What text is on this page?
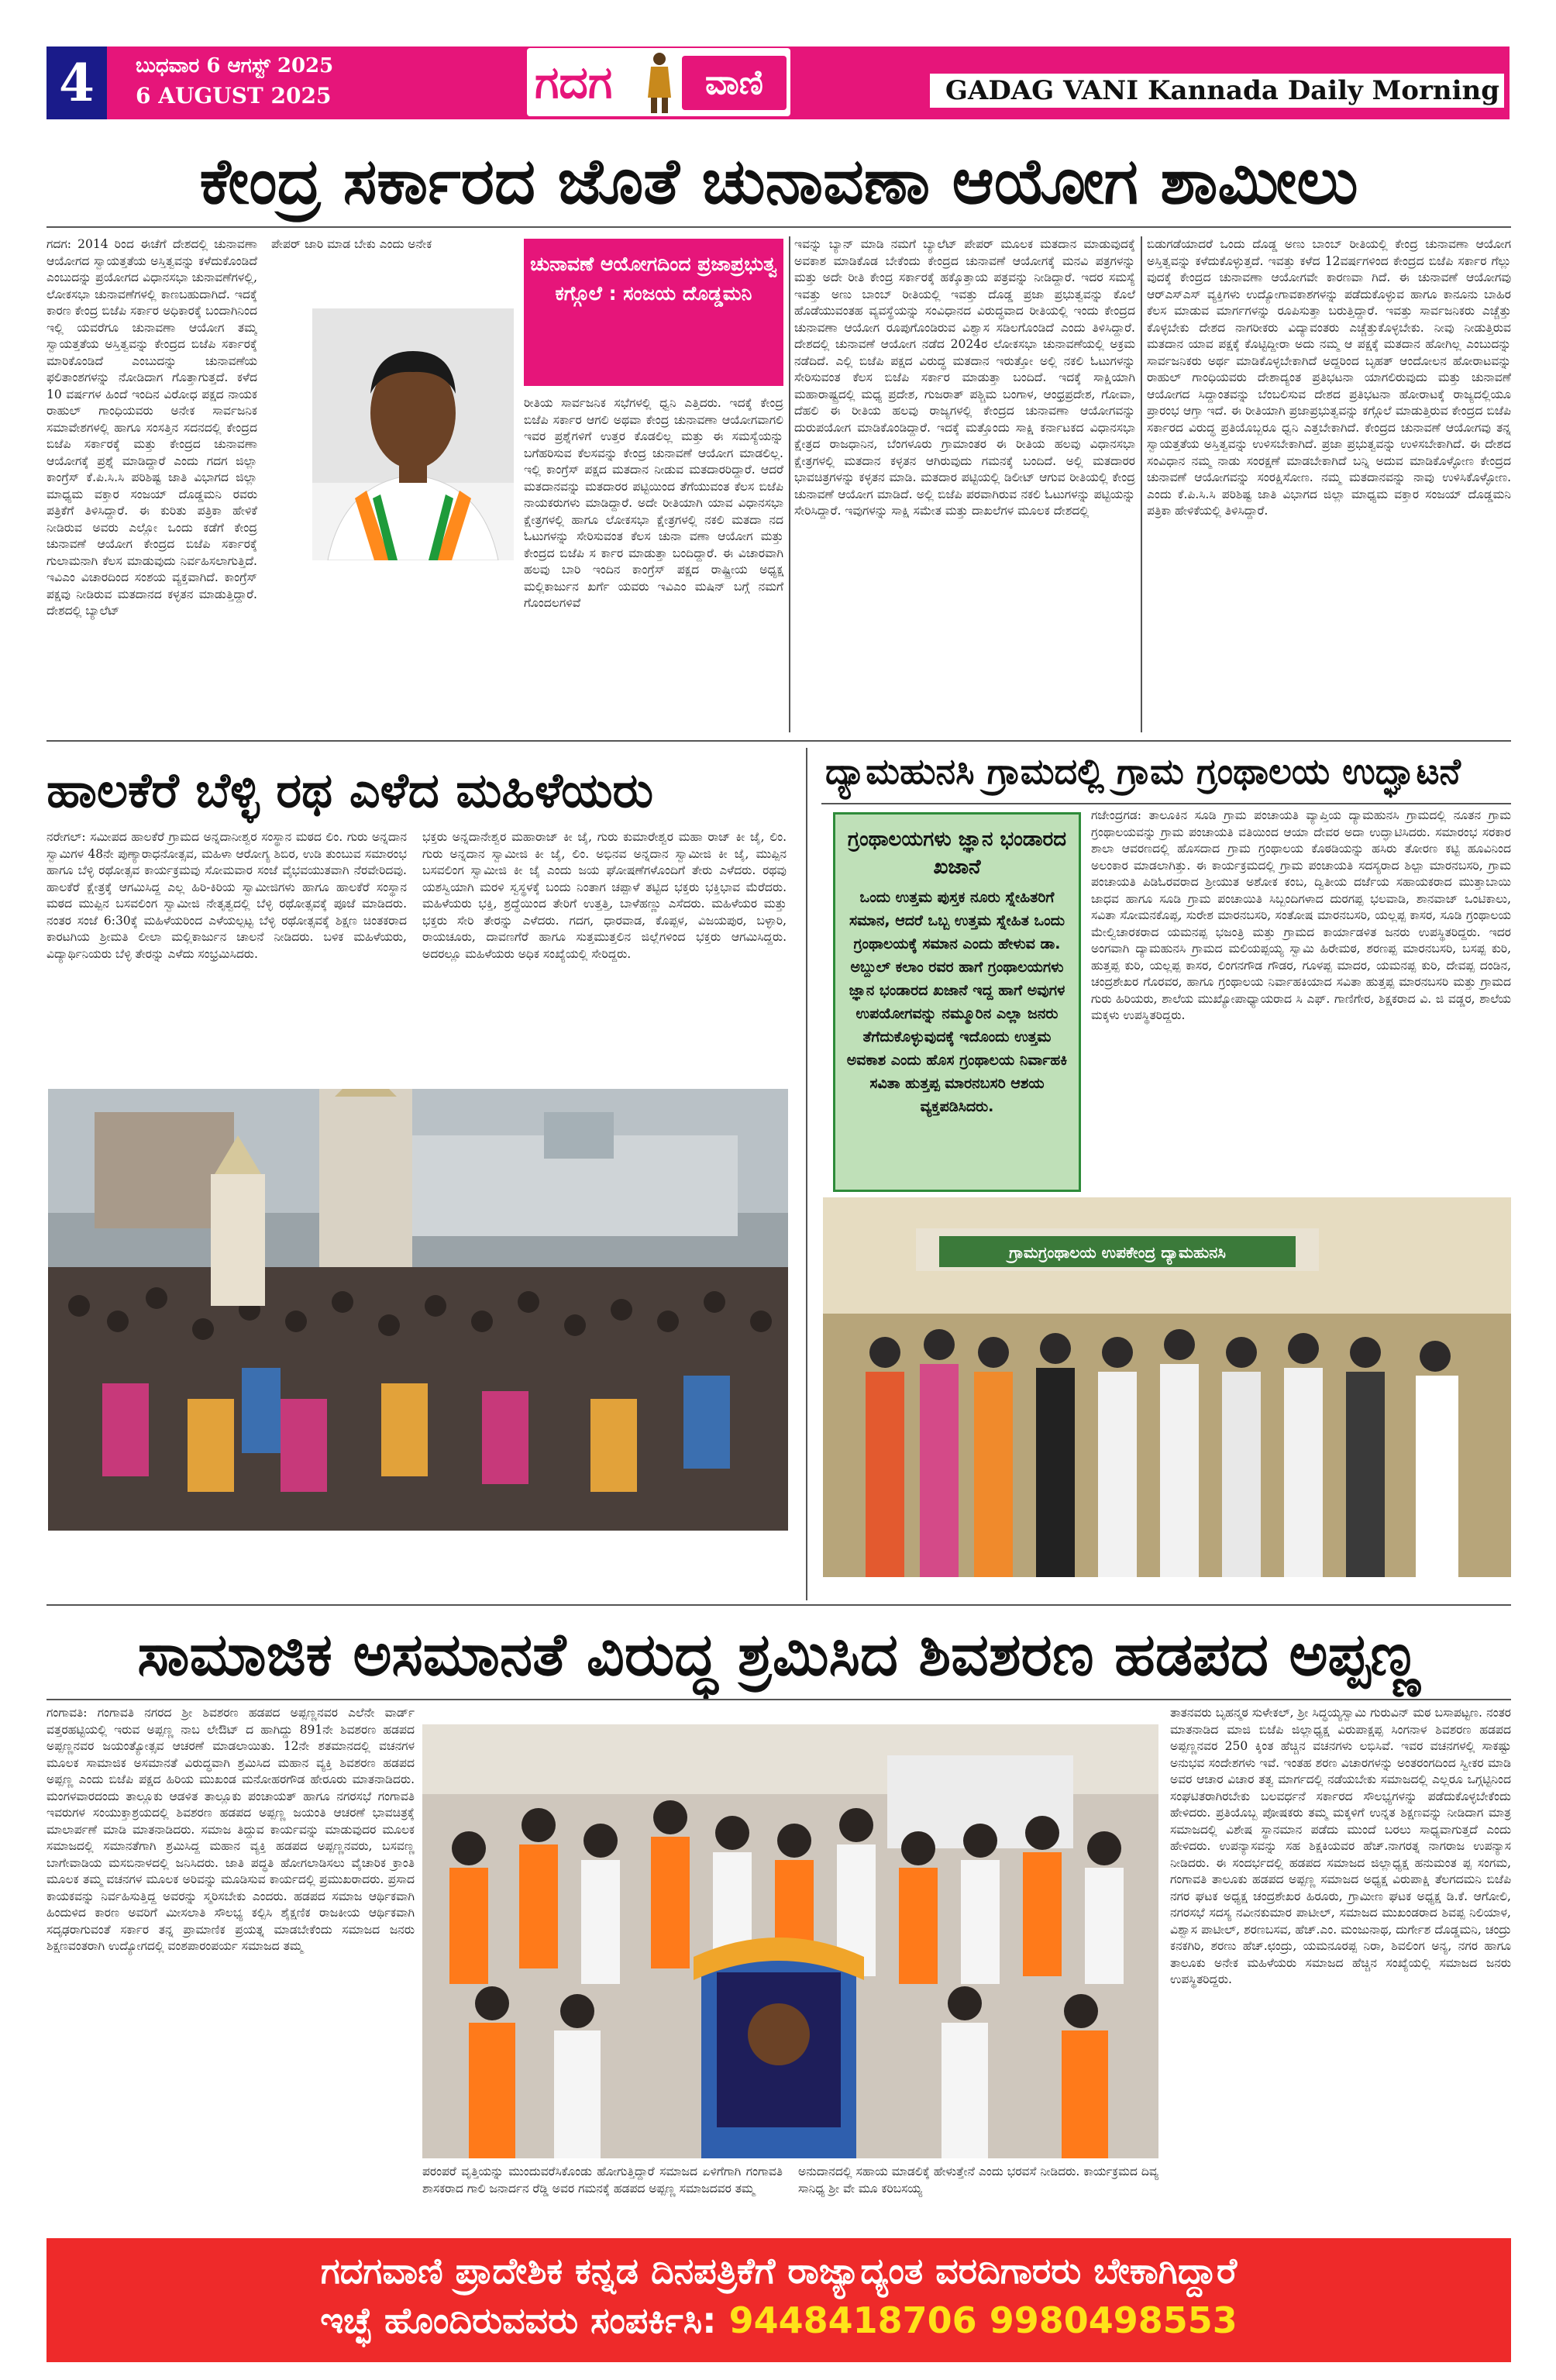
4	ಬುಧವಾರ 6 ಆಗಸ್ಟ್ 2025
6 AUGUST 2025	ಗದಗ	ವಾಣಿ	GADAG VANI Kannada Daily Morning
ಕೇಂದ್ರ ಸರ್ಕಾರದ ಜೊತೆ ಚುನಾವಣಾ ಆಯೋಗ ಶಾಮೀಲು
ಗದಗ: 2014 ರಿಂದ ಈಚೆಗೆ ದೇಶದಲ್ಲಿ ಚುನಾವಣಾ ಆಯೋಗದ ಸ್ವಾಯತ್ತತೆಯ ಅಸ್ತಿತ್ವವನ್ನು ಕಳೆದುಕೊಂಡಿದೆ ಎಂಬುದನ್ನು ಪ್ರಯೋಗದ ವಿಧಾನಸಭಾ ಚುನಾವಣೆಗಳಲ್ಲಿ, ಲೋಕಸಭಾ ಚುನಾವಣೆಗಳಲ್ಲಿ ಕಾಣಬಹುದಾಗಿದೆ. ಇದಕ್ಕೆ ಕಾರಣ ಕೇಂದ್ರ ಬಿಜೆಪಿ ಸರ್ಕಾರ ಅಧಿಕಾರಕ್ಕೆ ಬಂದಾಗಿನಿಂದ ಇಲ್ಲಿ ಯವರೆಗೂ ಚುನಾವಣಾ ಆಯೋಗ ತಮ್ಮ ಸ್ವಾಯತ್ತತೆಯ ಅಸ್ತಿತ್ವವನ್ನು ಕೇಂದ್ರದ ಬಿಜೆಪಿ ಸರ್ಕಾರಕ್ಕೆ ಮಾರಿಕೊಂಡಿದೆ ಎಂಬುದನ್ನು ಚುನಾವಣೆಯ ಫಲಿತಾಂಶಗಳನ್ನು ನೋಡಿದಾಗ ಗೊತ್ತಾಗುತ್ತದೆ. ಕಳೆದ 10 ವರ್ಷಗಳ ಹಿಂದೆ ಇಂದಿನ ವಿರೋಧ ಪಕ್ಷದ ನಾಯಕ ರಾಹುಲ್ ಗಾಂಧಿಯವರು ಅನೇಕ ಸಾರ್ವಜನಿಕ ಸಮಾವೇಶಗಳಲ್ಲಿ ಹಾಗೂ ಸಂಸತ್ತಿನ ಸದನದಲ್ಲಿ ಕೇಂದ್ರದ ಬಿಜೆಪಿ ಸರ್ಕಾರಕ್ಕೆ ಮತ್ತು ಕೇಂದ್ರದ ಚುನಾವಣಾ ಆಯೋಗಕ್ಕೆ ಪ್ರಶ್ನೆ ಮಾಡಿದ್ದಾರೆ ಎಂದು ಗದಗ ಜಿಲ್ಲಾ ಕಾಂಗ್ರೆಸ್ ಕೆ.ಪಿ.ಸಿ.ಸಿ ಪರಿಶಿಷ್ಟ ಜಾತಿ ವಿಭಾಗದ ಜಿಲ್ಲಾ ಮಾಧ್ಯಮ ವಕ್ತಾರ ಸಂಜಯ್ ದೊಡ್ಡಮನಿ ರವರು ಪತ್ರಿಕೆಗೆ ತಿಳಿಸಿದ್ದಾರೆ. ಈ ಕುರಿತು ಪತ್ರಿಕಾ ಹೇಳಿಕೆ ನೀಡಿರುವ ಅವರು ಎಲ್ಲೋ ಒಂದು ಕಡೆಗೆ ಕೇಂದ್ರ ಚುನಾವಣೆ ಆಯೋಗ ಕೇಂದ್ರದ ಬಿಜೆಪಿ ಸರ್ಕಾರಕ್ಕೆ ಗುಲಾಮನಾಗಿ ಕೆಲಸ ಮಾಡುವುದು ನಿರ್ವಹಿಸಲಾಗುತ್ತಿದೆ. ಇವಿಎಂ ವಿಚಾರದಿಂದ ಸಂಶಯ ವ್ಯಕ್ತವಾಗಿದೆ. ಕಾಂಗ್ರೆಸ್ ಪಕ್ಷವು ನೀಡಿರುವ ಮತದಾನದ ಕಳ್ಳತನ ಮಾಡುತ್ತಿದ್ದಾರೆ. ದೇಶದಲ್ಲಿ ಬ್ಯಾಲೆಟ್
ಪೇಪರ್ ಜಾರಿ ಮಾಡ ಬೇಕು ಎಂದು ಅನೇಕ
ಚುನಾವಣೆ ಆಯೋಗದಿಂದ ಪ್ರಜಾಪ್ರಭುತ್ವ ಕಗ್ಗೊಲೆ : ಸಂಜಯ ದೊಡ್ಡಮನಿ
ರೀತಿಯ ಸಾರ್ವಜನಿಕ ಸಭೆಗಳಲ್ಲಿ ಧ್ವನಿ ಎತ್ತಿದರು. ಇದಕ್ಕೆ ಕೇಂದ್ರ ಬಿಜೆಪಿ ಸರ್ಕಾರ ಆಗಲಿ ಅಥವಾ ಕೇಂದ್ರ ಚುನಾವಣಾ ಆಯೋಗವಾಗಲಿ ಇವರ ಪ್ರಶ್ನೆಗಳಿಗೆ ಉತ್ತರ ಕೊಡಲಿಲ್ಲ ಮತ್ತು ಈ ಸಮಸ್ಯೆಯನ್ನು ಬಗೆಹರಿಸುವ ಕೆಲಸವನ್ನು ಕೇಂದ್ರ ಚುನಾವಣೆ ಆಯೋಗ ಮಾಡಲಿಲ್ಲ. ಇಲ್ಲಿ ಕಾಂಗ್ರೆಸ್ ಪಕ್ಷದ ಮತದಾನ ನೀಡುವ ಮತದಾರರಿದ್ದಾರೆ. ಆದರೆ ಮತದಾನವನ್ನು ಮತದಾರರ ಪಟ್ಟಿಯಿಂದ ತೆಗೆಯುವಂತ ಕೆಲಸ ಬಿಜೆಪಿ ನಾಯಕರುಗಳು ಮಾಡಿದ್ದಾರೆ. ಅದೇ ರೀತಿಯಾಗಿ ಯಾವ ವಿಧಾನಸಭಾ ಕ್ಷೇತ್ರಗಳಲ್ಲಿ ಹಾಗೂ ಲೋಕಸಭಾ ಕ್ಷೇತ್ರಗಳಲ್ಲಿ ನಕಲಿ ಮತದಾ ನದ ಓಟುಗಳನ್ನು ಸೇರಿಸುವಂತ ಕೆಲಸ ಚುನಾ ವಣಾ ಆಯೋಗ ಮತ್ತು ಕೇಂದ್ರದ ಬಿಜೆಪಿ ಸ ರ್ಕಾರ ಮಾಡುತ್ತಾ ಬಂದಿದ್ದಾರೆ. ಈ ವಿಚಾರವಾಗಿ ಹಲವು ಬಾರಿ ಇಂದಿನ ಕಾಂಗ್ರೆಸ್ ಪಕ್ಷದ ರಾಷ್ಟ್ರೀಯ ಅಧ್ಯಕ್ಷ ಮಲ್ಲಿಕಾರ್ಜುನ ಖರ್ಗೆ ಯವರು ಇವಿಎಂ ಮಷಿನ್ ಬಗ್ಗೆ ನಮಗೆ ಗೊಂದಲಗಳಿವೆ
ಇವನ್ನು ಬ್ಯಾನ್ ಮಾಡಿ ನಮಗೆ ಬ್ಯಾಲೆಟ್ ಪೇಪರ್ ಮೂಲಕ ಮತದಾನ ಮಾಡುವುದಕ್ಕೆ ಅವಕಾಶ ಮಾಡಿಕೊಡ ಬೇಕೆಂದು ಕೇಂದ್ರದ ಚುನಾವಣೆ ಆಯೋಗಕ್ಕೆ ಮನವಿ ಪತ್ರಗಳನ್ನು ಮತ್ತು ಅದೇ ರೀತಿ ಕೇಂದ್ರ ಸರ್ಕಾರಕ್ಕೆ ಹಕ್ಕೊತ್ತಾಯ ಪತ್ರವನ್ನು ನೀಡಿದ್ದಾರೆ. ಇದರ ಸಮಸ್ಯೆ ಇವತ್ತು ಅಣು ಬಾಂಬ್ ರೀತಿಯಲ್ಲಿ ಇವತ್ತು ದೊಡ್ಡ ಪ್ರಜಾ ಪ್ರಭುತ್ವವನ್ನು ಕೊಲೆ ಹೊಡೆಯುವಂತಹ ವ್ಯವಸ್ಥೆಯನ್ನು ಸಂವಿಧಾನದ ವಿರುದ್ಧವಾದ ರೀತಿಯಲ್ಲಿ ಇಂದು ಕೇಂದ್ರದ ಚುನಾವಣಾ ಆಯೋಗ ರೂಪುಗೊಂಡಿರುವ ವಿಶ್ವಾಸ ಸಡಿಲಗೊಂಡಿದೆ ಎಂದು ತಿಳಿಸಿದ್ದಾರೆ. ದೇಶದಲ್ಲಿ ಚುನಾವಣೆ ಆಯೋಗ ನಡೆದ 2024ರ ಲೋಕಸಭಾ ಚುನಾವಣೆಯಲ್ಲಿ ಅಕ್ರಮ ನಡೆದಿದೆ. ಎಲ್ಲಿ ಬಿಜೆಪಿ ಪಕ್ಷದ ವಿರುದ್ಧ ಮತದಾನ ಇರುತ್ತೋ ಅಲ್ಲಿ ನಕಲಿ ಓಟುಗಳನ್ನು ಸೇರಿಸುವಂತ ಕೆಲಸ ಬಿಜೆಪಿ ಸರ್ಕಾರ ಮಾಡುತ್ತಾ ಬಂದಿದೆ. ಇದಕ್ಕೆ ಸಾಕ್ಷಿಯಾಗಿ ಮಹಾರಾಷ್ಟ್ರದಲ್ಲಿ ಮಧ್ಯ ಪ್ರದೇಶ, ಗುಜರಾತ್ ಪಶ್ಚಿಮ ಬಂಗಾಳ, ಆಂಧ್ರಪ್ರದೇಶ, ಗೋವಾ, ದೆಹಲಿ ಈ ರೀತಿಯ ಹಲವು ರಾಜ್ಯಗಳಲ್ಲಿ ಕೇಂದ್ರದ ಚುನಾವಣಾ ಆಯೋಗವನ್ನು ದುರುಪಯೋಗ ಮಾಡಿಕೊಂಡಿದ್ದಾರೆ. ಇದಕ್ಕೆ ಮತ್ತೊಂದು ಸಾಕ್ಷಿ ಕರ್ನಾಟಕದ ವಿಧಾನಸಭಾ ಕ್ಷೇತ್ರದ ರಾಜಧಾನಿನ, ಬೆಂಗಳೂರು ಗ್ರಾಮಾಂತರ ಈ ರೀತಿಯ ಹಲವು ವಿಧಾನಸಭಾ ಕ್ಷೇತ್ರಗಳಲ್ಲಿ ಮತದಾನ ಕಳ್ಳತನ ಆಗಿರುವುದು ಗಮನಕ್ಕೆ ಬಂದಿದೆ. ಅಲ್ಲಿ ಮತದಾರರ ಭಾವಚಿತ್ರಗಳನ್ನು ಕಳ್ಳತನ ಮಾಡಿ. ಮತದಾರ ಪಟ್ಟಿಯಲ್ಲಿ ಡಿಲೀಟ್ ಆಗುವ ರೀತಿಯಲ್ಲಿ ಕೇಂದ್ರ ಚುನಾವಣೆ ಆಯೋಗ ಮಾಡಿದೆ. ಅಲ್ಲಿ ಬಿಜೆಪಿ ಪರವಾಗಿರುವ ನಕಲಿ ಓಟುಗಳನ್ನು ಪಟ್ಟಿಯನ್ನು ಸೇರಿಸಿದ್ದಾರೆ. ಇವುಗಳನ್ನು ಸಾಕ್ಷಿ ಸಮೇತ ಮತ್ತು ದಾಖಲೆಗಳ ಮೂಲಕ ದೇಶದಲ್ಲಿ
ಬಿಡುಗಡೆಯಾದರೆ ಒಂದು ದೊಡ್ಡ ಅಣು ಬಾಂಬ್ ರೀತಿಯಲ್ಲಿ ಕೇಂದ್ರ ಚುನಾವಣಾ ಆಯೋಗ ಅಸ್ತಿತ್ವವನ್ನು ಕಳೆದುಕೊಳ್ಳುತ್ತದೆ. ಇವತ್ತು ಕಳೆದ 12ವರ್ಷಗಳಿಂದ ಕೇಂದ್ರದ ಬಿಜೆಪಿ ಸರ್ಕಾರ ಗೆಲ್ಲು ವುದಕ್ಕೆ ಕೇಂದ್ರದ ಚುನಾವಣಾ ಆಯೋಗವೇ ಕಾರಣವಾ ಗಿದೆ. ಈ ಚುನಾವಣೆ ಆಯೋಗವು ಆರ್‌ಎಸ್‌ಎಸ್ ವ್ಯಕ್ತಿಗಳು ಉದ್ಯೋಗಾವಕಾಶಗಳನ್ನು ಪಡೆದುಕೊಳ್ಳುವ ಹಾಗೂ ಕಾನೂನು ಬಾಹಿರ ಕೆಲಸ ಮಾಡುವ ಮಾರ್ಗಗಳನ್ನು ರೂಪಿಸುತ್ತಾ ಬರುತ್ತಿದ್ದಾರೆ. ಇವತ್ತು ಸಾರ್ವಜನಿಕರು ಎಚ್ಚೆತ್ತು ಕೊಳ್ಳಬೇಕು ದೇಶದ ನಾಗರೀಕರು ವಿದ್ಯಾವಂತರು ಎಚ್ಚೆತ್ತುಕೊಳ್ಳಬೇಕು. ನೀವು ನೀಡುತ್ತಿರುವ ಮತದಾನ ಯಾವ ಪಕ್ಷಕ್ಕೆ ಕೊಟ್ಟಿದ್ದೀರಾ ಅದು ನಮ್ಮ ಆ ಪಕ್ಷಕ್ಕೆ ಮತದಾನ ಹೋಗಿಲ್ಲ ಎಂಬುದನ್ನು ಸಾರ್ವಜನಿಕರು ಅರ್ಥ ಮಾಡಿಕೊಳ್ಳಬೇಕಾಗಿದೆ ಅದ್ದರಿಂದ ಬೃಹತ್ ಆಂದೋಲನ ಹೋರಾಟವನ್ನು ರಾಹುಲ್ ಗಾಂಧಿಯವರು ದೇಶಾದ್ಯಂತ ಪ್ರತಿಭಟನಾ ಯಾಗಲಿರುವುದು ಮತ್ತು ಚುನಾವಣೆ ಆಯೋಗದ ಸಿದ್ದಾಂತವನ್ನು ಬೆಂಬಲಿಸುವ ದೇಶದ ಪ್ರತಿಭಟನಾ ಹೋರಾಟಕ್ಕೆ ರಾಜ್ಯದಲ್ಲಿಯೂ ಪ್ರಾರಂಭ ಆಗ್ತಾ ಇದೆ. ಈ ರೀತಿಯಾಗಿ ಪ್ರಜಾಪ್ರಭುತ್ವವನ್ನು ಕಗ್ಗೊಲೆ ಮಾಡುತ್ತಿರುವ ಕೇಂದ್ರದ ಬಿಜೆಪಿ ಸರ್ಕಾರದ ವಿರುದ್ಧ ಪ್ರತಿಯೊಬ್ಬರೂ ಧ್ವನಿ ಎತ್ತಬೇಕಾಗಿದೆ. ಕೇಂದ್ರದ ಚುನಾವಣೆ ಆಯೋಗವು ತನ್ನ ಸ್ವಾಯತ್ತತೆಯ ಅಸ್ತಿತ್ವವನ್ನು ಉಳಿಸಬೇಕಾಗಿದೆ. ಪ್ರಜಾ ಪ್ರಭುತ್ವವನ್ನು ಉಳಿಸಬೇಕಾಗಿದೆ. ಈ ದೇಶದ ಸಂವಿಧಾನ ನಮ್ಮ ನಾಡು ಸಂರಕ್ಷಣೆ ಮಾಡಬೇಕಾಗಿದೆ ಬನ್ನಿ ಅದುವ ಮಾಡಿಕೊಳ್ಳೋಣ ಕೇಂದ್ರದ ಚುನಾವಣೆ ಆಯೋಗವನ್ನು ಸಂರಕ್ಷಿಸೋಣ. ನಮ್ಮ ಮತದಾನವನ್ನು ನಾವು ಉಳಿಸಿಕೊಳ್ಳೋಣ. ಎಂದು ಕೆ.ಪಿ.ಸಿ.ಸಿ ಪರಿಶಿಷ್ಟ ಜಾತಿ ವಿಭಾಗದ ಜಿಲ್ಲಾ ಮಾಧ್ಯಮ ವಕ್ತಾರ ಸಂಜಯ್ ದೊಡ್ಡಮನಿ ಪತ್ರಿಕಾ ಹೇಳಿಕೆಯಲ್ಲಿ ತಿಳಿಸಿದ್ದಾರೆ.
ಹಾಲಕೆರೆ ಬೆಳ್ಳಿ ರಥ ಎಳೆದ ಮಹಿಳೆಯರು
ನರೇಗಲ್: ಸಮೀಪದ ಹಾಲಕೆರೆ ಗ್ರಾಮದ ಅನ್ನದಾನೀಶ್ವರ ಸಂಸ್ಥಾನ ಮಠದ ಲಿಂ. ಗುರು ಅನ್ನದಾನ ಸ್ವಾಮಿಗಳ 48ನೇ ಪುಣ್ಯಾರಾಧನೋತ್ಸವ, ಮಹಿಳಾ ಆರೋಗ್ಯ ಶಿಬಿರ, ಉಡಿ ತುಂಬುವ ಸಮಾರಂಭ ಹಾಗೂ ಬೆಳ್ಳಿ ರಥೋತ್ಸವ ಕಾರ್ಯಕ್ರಮವು ಸೋಮವಾರ ಸಂಜೆ ವೈಭವಯುತವಾಗಿ ನೆರವೇರಿದವು. ಹಾಲಕೆರೆ ಕ್ಷೇತ್ರಕ್ಕೆ ಆಗಮಿಸಿದ್ದ ಎಲ್ಲ ಹಿರಿ-ಕಿರಿಯ ಸ್ವಾಮೀಜಿಗಳು ಹಾಗೂ ಹಾಲಕೆರೆ ಸಂಸ್ಥಾನ ಮಠದ ಮುಪ್ಪಿನ ಬಸವಲಿಂಗ ಸ್ವಾಮೀಜಿ ನೇತೃತ್ವದಲ್ಲಿ ಬೆಳ್ಳಿ ರಥೋತ್ಸವಕ್ಕೆ ಪೂಜೆ ಮಾಡಿದರು. ನಂತರ ಸಂಜೆ 6:30ಕ್ಕೆ ಮಹಿಳೆಯರಿಂದ ಎಳೆಯಲ್ಪಟ್ಟ ಬೆಳ್ಳಿ ರಥೋತ್ಸವಕ್ಕೆ ಶಿಕ್ಷಣ ಚಿಂತಕರಾದ ಕಾರಟಗಿಯ ಶ್ರೀಮತಿ ಲೀಲಾ ಮಲ್ಲಿಕಾರ್ಜುನ ಚಾಲನೆ ನೀಡಿದರು. ಬಳಿಕ ಮಹಿಳೆಯರು, ವಿದ್ಯಾರ್ಥಿನಿಯರು ಬೆಳ್ಳಿ ತೇರನ್ನು ಎಳೆದು ಸಂಭ್ರಮಿಸಿದರು.
ಭಕ್ತರು ಅನ್ನದಾನೇಶ್ವರ ಮಹಾರಾಜ್ ಕೀ ಜೈ, ಗುರು ಕುಮಾರೇಶ್ವರ ಮಹಾ ರಾಜ್ ಕೀ ಜೈ, ಲಿಂ. ಗುರು ಅನ್ನದಾನ ಸ್ವಾಮೀಜಿ ಕೀ ಜೈ, ಲಿಂ. ಅಭಿನವ ಅನ್ನದಾನ ಸ್ವಾಮೀಜಿ ಕೀ ಜೈ, ಮುಪ್ಪಿನ ಬಸವಲಿಂಗ ಸ್ವಾಮೀಜಿ ಕೀ ಜೈ ಎಂದು ಜಯ ಘೋಷಣೆಗಳೊಂದಿಗೆ ತೇರು ಎಳೆದರು. ರಥವು ಯಶಸ್ವಿಯಾಗಿ ಮರಳಿ ಸ್ವಸ್ಥಳಕ್ಕೆ ಬಂದು ನಿಂತಾಗ ಚಪ್ಪಾಳೆ ತಟ್ಟಿದ ಭಕ್ತರು ಭಕ್ತಿಭಾವ ಮೆರೆದರು. ಮಹಿಳೆಯರು ಭಕ್ತಿ, ಶ್ರದ್ಧೆಯಿಂದ ತೇರಿಗೆ ಉತ್ತತ್ತಿ, ಬಾಳೆಹಣ್ಣು ಎಸೆದರು. ಮಹಿಳೆಯರ ಮತ್ತು ಭಕ್ತರು ಸೇರಿ ತೇರನ್ನು ಎಳೆದರು. ಗದಗ, ಧಾರವಾಡ, ಕೊಪ್ಪಳ, ವಿಜಯಪುರ, ಬಳ್ಳಾರಿ, ರಾಯಚೂರು, ದಾವಣಗೆರೆ ಹಾಗೂ ಸುತ್ತಮುತ್ತಲಿನ ಜಿಲ್ಲೆಗಳಿಂದ ಭಕ್ತರು ಆಗಮಿಸಿದ್ದರು. ಅದರಲ್ಲೂ ಮಹಿಳೆಯರು ಅಧಿಕ ಸಂಖ್ಯೆಯಲ್ಲಿ ಸೇರಿದ್ದರು.
ದ್ಯಾಮಹುನಸಿ ಗ್ರಾಮದಲ್ಲಿ ಗ್ರಾಮ ಗ್ರಂಥಾಲಯ ಉದ್ಘಾಟನೆ
ಗ್ರಂಥಾಲಯಗಳು ಜ್ಞಾನ ಭಂಡಾರದ ಖಜಾನೆ
ಒಂದು ಉತ್ತಮ ಪುಸ್ತಕ ನೂರು ಸ್ನೇಹಿತರಿಗೆ ಸಮಾನ, ಆದರೆ ಒಬ್ಬ ಉತ್ತಮ ಸ್ನೇಹಿತ ಒಂದು ಗ್ರಂಥಾಲಯಕ್ಕೆ ಸಮಾನ ಎಂದು ಹೇಳುವ ಡಾ. ಅಬ್ದುಲ್ ಕಲಾಂ ರವರ ಹಾಗೆ ಗ್ರಂಥಾಲಯಗಳು ಜ್ಞಾನ ಭಂಡಾರದ ಖಜಾನೆ ಇದ್ದ ಹಾಗೆ ಅವುಗಳ ಉಪಯೋಗವನ್ನು ನಮ್ಮೂರಿನ ಎಲ್ಲಾ ಜನರು ತೆಗೆದುಕೊಳ್ಳುವುದಕ್ಕೆ ಇದೊಂದು ಉತ್ತಮ ಅವಕಾಶ ಎಂದು ಹೊಸ ಗ್ರಂಥಾಲಯ ನಿರ್ವಾಹಕಿ ಸವಿತಾ ಹುತ್ತಪ್ಪ ಮಾರನಬಸರಿ ಆಶಯ ವ್ಯಕ್ತಪಡಿಸಿದರು.
ಗಜೇಂದ್ರಗಡ: ತಾಲೂಕಿನ ಸೂಡಿ ಗ್ರಾಮ ಪಂಚಾಯತಿ ವ್ಯಾಪ್ತಿಯ ದ್ಯಾಮಹುನಸಿ ಗ್ರಾಮದಲ್ಲಿ ನೂತನ ಗ್ರಾಮ ಗ್ರಂಥಾಲಯವನ್ನು ಗ್ರಾಮ ಪಂಚಾಯತಿ ವತಿಯಿಂದ ಆಯಾ ದೇವರ ಅದಾ ಉದ್ಘಾಟಿಸಿದರು. ಸಮಾರಂಭ ಸರಕಾರ ಶಾಲಾ ಆವರಣದಲ್ಲಿ ಹೊಸದಾದ ಗ್ರಾಮ ಗ್ರಂಥಾಲಯ ಕೊಠಡಿಯನ್ನು ಹಸಿರು ತೋರಣ ಕಟ್ಟಿ ಹೂವಿನಿಂದ ಅಲಂಕಾರ ಮಾಡಲಾಗಿತ್ತು. ಈ ಕಾರ್ಯಕ್ರಮದಲ್ಲಿ ಗ್ರಾಮ ಪಂಚಾಯತಿ ಸದಸ್ಯರಾದ ಶಿಲ್ಪಾ ಮಾರನಬಸರಿ, ಗ್ರಾಮ ಪಂಚಾಯತಿ ಪಿಡಿಓರವರಾದ ಶ್ರೀಯುತ ಅಶೋಕ ಕಂಬ, ದ್ವಿತೀಯ ದರ್ಜೆಯ ಸಹಾಯಕರಾದ ಮುತ್ತಾಬಾಯಿ ಜಾಧವ ಹಾಗೂ ಸೂಡಿ ಗ್ರಾಮ ಪಂಚಾಯಿತಿ ಸಿಬ್ಬಂದಿಗಳಾದ ದುರಗಪ್ಪ ಭಲವಾಡಿ, ಶಾನವಾಜ್ ಒಂಟಿಕಾಲು, ಸವಿತಾ ಸೋಮನಕೊಪ್ಪ, ಸುರೇಶ ಮಾರನಬಸರಿ, ಸಂತೋಷ ಮಾರನಬಸರಿ, ಯಲ್ಲಪ್ಪ ಕಾಸರ, ಸೂಡಿ ಗ್ರಂಥಾಲಯ ಮೇಲ್ವಿಚಾರಕರಾದ ಯಮನಪ್ಪ ಭಜಂತ್ರಿ ಮತ್ತು ಗ್ರಾಮದ ಕಾರ್ಯಾಡಳಿತ ಜನರು ಉಪಸ್ಥಿತರಿದ್ದರು. ಇದರ ಅಂಗವಾಗಿ ದ್ಯಾಮಹುನಸಿ ಗ್ರಾಮದ ಮಲಿಯಪ್ಪಯ್ಯ ಸ್ವಾಮಿ ಹಿರೇಮಠ, ಶರಣಪ್ಪ ಮಾರನಬಸರಿ, ಬಸಪ್ಪ ಕುರಿ, ಹುತ್ತಪ್ಪ ಕುರಿ, ಯಲ್ಲಪ್ಪ ಕಾಸರ, ಲಿಂಗನಗೌಡ ಗೌಡರ, ಗೂಳಪ್ಪ ಮಾದರ, ಯಮನಪ್ಪ ಕುರಿ, ದೇವಪ್ಪ ದಂಡಿನ, ಚಂದ್ರಶೇಖರ ಗೊರವರ, ಹಾಗೂ ಗ್ರಂಥಾಲಯ ನಿರ್ವಾಹಕಿಯಾದ ಸವಿತಾ ಹುತ್ತಪ್ಪ ಮಾರನಬಸರಿ ಮತ್ತು ಗ್ರಾಮದ ಗುರು ಹಿರಿಯರು, ಶಾಲೆಯ ಮುಖ್ಯೋಪಾಧ್ಯಾಯರಾದ ಸಿ ಎಫ್. ಗಾಣಿಗೇರ, ಶಿಕ್ಷಕರಾದ ವಿ. ಜಿ ವಡ್ಡರ, ಶಾಲೆಯ ಮಕ್ಕಳು ಉಪಸ್ಥಿತರಿದ್ದರು.
ಗ್ರಾಮಗ್ರಂಥಾಲಯ ಉಪಕೇಂದ್ರ ದ್ಯಾಮಹುನಸಿ
ಸಾಮಾಜಿಕ ಅಸಮಾನತೆ ವಿರುದ್ಧ ಶ್ರಮಿಸಿದ ಶಿವಶರಣ ಹಡಪದ ಅಪ್ಪಣ್ಣ
ಗಂಗಾವತಿ: ಗಂಗಾವತಿ ನಗರದ ಶ್ರೀ ಶಿವಶರಣ ಹಡಪದ ಅಪ್ಪಣ್ಣನವರ ಎಲೆನೇ ವಾರ್ಡ್ ವತ್ತರಹಟ್ಟಿಯಲ್ಲಿ ಇರುವ ಅಪ್ಪಣ್ಣ ನಾಬ ಲೇಔಟ್ ದ ಹಾಗಿದ್ದು 891ನೇ ಶಿವಶರಣ ಹಡಪದ ಅಪ್ಪಣ್ಣನವರ ಜಯಂತ್ಯೋತ್ಸವ ಆಚರಣೆ ಮಾಡಲಾಯಿತು. 12ನೇ ಶತಮಾನದಲ್ಲಿ ವಚನಗಳ ಮೂಲಕ ಸಾಮಾಜಿಕ ಅಸಮಾನತೆ ವಿರುದ್ಧವಾಗಿ ಶ್ರಮಿಸಿದ ಮಹಾನ ವ್ಯಕ್ತಿ ಶಿವಶರಣ ಹಡಪದ ಅಪ್ಪಣ್ಣ ಎಂದು ಬಿಜೆಪಿ ಪಕ್ಷದ ಹಿರಿಯ ಮುಖಂಡ ಮನೋಹರಗೌಡ ಹೇರೂರು ಮಾತನಾಡಿದರು. ಮಂಗಳವಾರದಂದು ತಾಲ್ಲೂಕು ಆಡಳಿತ ತಾಲ್ಲೂಕು ಪಂಚಾಯತ್ ಹಾಗೂ ನಗರಸಭೆ ಗಂಗಾವತಿ ಇವರುಗಳ ಸಂಯುಕ್ತಾಶ್ರಯದಲ್ಲಿ ಶಿವಶರಣ ಹಡಪದ ಅಪ್ಪಣ್ಣ ಜಯಂತಿ ಆಚರಣೆ ಭಾವಚಿತ್ರಕ್ಕೆ ಮಾಲಾರ್ಪಣೆ ಮಾಡಿ ಮಾತನಾಡಿದರು. ಸಮಾಜ ತಿದ್ದುವ ಕಾರ್ಯವನ್ನು ಮಾಡುವುದರ ಮೂಲಕ ಸಮಾಜದಲ್ಲಿ ಸಮಾನತೆಗಾಗಿ ಶ್ರಮಿಸಿದ್ದ ಮಹಾನ ವ್ಯಕ್ತಿ ಹಡಪದ ಅಪ್ಪಣ್ಣನವರು, ಬಸವಣ್ಣ ಬಾಗೇವಾಡಿಯ ಮಸಬಿನಾಳದಲ್ಲಿ ಜನಿಸಿದರು. ಜಾತಿ ಪದ್ಧತಿ ಹೋಗಲಾಡಿಸಲು ವೈಚಾರಿಕ ಕ್ರಾಂತಿ ಮೂಲಕ ತಮ್ಮ ವಚನಗಳ ಮೂಲಕ ಅರಿವನ್ನು ಮೂಡಿಸುವ ಕಾರ್ಯದಲ್ಲಿ ಪ್ರಮುಖರಾದರು. ಪ್ರಸಾದ ಕಾಯಕವನ್ನು ನಿರ್ವಹಿಸುತ್ತಿದ್ದ ಅವರನ್ನು ಸ್ಮರಿಸಬೇಕು ಎಂದರು. ಹಡಪದ ಸಮಾಜ ಆರ್ಥಿಕವಾಗಿ ಹಿಂದುಳಿದ ಕಾರಣ ಅವರಿಗೆ ಮೀಸಲಾತಿ ಸೌಲಭ್ಯ ಕಲ್ಪಿಸಿ ಶೈಕ್ಷಣಿಕ ರಾಜಕೀಯ ಆರ್ಥಿಕವಾಗಿ ಸದೃಢರಾಗುವಂತೆ ಸರ್ಕಾರ ತನ್ನ ಪ್ರಾಮಾಣಿಕ ಪ್ರಯತ್ನ ಮಾಡಬೇಕೆಂದು ಸಮಾಜದ ಜನರು ಶಿಕ್ಷಣವಂತರಾಗಿ ಉದ್ಯೋಗದಲ್ಲಿ ವಂಶಪಾರಂಪರ್ಯ ಸಮಾಜದ ತಮ್ಮ
ಪರಂಪರೆ ವೃತ್ತಿಯನ್ನು ಮುಂದುವರೆಸಿಕೊಂಡು ಹೋಗುತ್ತಿದ್ದಾರೆ ಸಮಾಜದ ಏಳಿಗೆಗಾಗಿ ಗಂಗಾವತಿ ಶಾಸಕರಾದ ಗಾಲಿ ಜನಾರ್ದನ ರೆಡ್ಡಿ ಅವರ ಗಮನಕ್ಕೆ ಹಡಪದ ಅಪ್ಪಣ್ಣ ಸಮಾಜದವರ ತಮ್ಮ
ಅನುದಾನದಲ್ಲಿ ಸಹಾಯ ಮಾಡಲಿಕ್ಕೆ ಹೇಳುತ್ತೇನೆ ಎಂದು ಭರವಸೆ ನೀಡಿದರು. ಕಾರ್ಯಕ್ರಮದ ದಿವ್ಯ ಸಾನಿಧ್ಯ ಶ್ರೀ ವೇ ಮೂ ಕರಿಬಸಯ್ಯ
ತಾತನವರು ಬೃಹನ್ಮಠ ಸುಳೇಕಲ್, ಶ್ರೀ ಸಿದ್ಧಯ್ಯಸ್ವಾಮಿ ಗುರುವಿನ್ ಮಠ ಬಸಾಪಟ್ಟಣ. ನಂತರ ಮಾತನಾಡಿದ ಮಾಜಿ ಬಿಜೆಪಿ ಜಿಲ್ಲಾಧ್ಯಕ್ಷ ವಿರುಪಾಕ್ಷಪ್ಪ ಸಿಂಗನಾಳ ಶಿವಶರಣ ಹಡಪದ ಅಪ್ಪಣ್ಣನವರ 250 ಕ್ಕಿಂತ ಹೆಚ್ಚಿನ ವಚನಗಳು ಲಭಿಸಿವೆ. ಇವರ ವಚನಗಳಲ್ಲಿ ಸಾಕಷ್ಟು ಅನುಭವ ಸಂದೇಶಗಳು ಇವೆ. ಇಂತಹ ಶರಣ ವಿಚಾರಗಳನ್ನು ಅಂತರಂಗದಿಂದ ಸ್ವೀಕರ ಮಾಡಿ ಅವರ ಆಚಾರ ವಿಚಾರ ತತ್ವ ಮಾರ್ಗದಲ್ಲಿ ನಡೆಯಬೇಕು ಸಮಾಜದಲ್ಲಿ ಎಲ್ಲರೂ ಒಗ್ಗಟ್ಟಿನಿಂದ ಸಂಘಟಿತರಾಗಿರಬೇಕು ಬಲವರ್ಧನೆ ಸರ್ಕಾರದ ಸೌಲಭ್ಯಗಳನ್ನು ಪಡೆದುಕೊಳ್ಳಬೇಕೆಂದು ಹೇಳಿದರು. ಪ್ರತಿಯೊಬ್ಬ ಪೋಷಕರು ತಮ್ಮ ಮಕ್ಕಳಿಗೆ ಉನ್ನತ ಶಿಕ್ಷಣವನ್ನು ನೀಡಿದಾಗ ಮಾತ್ರ ಸಮಾಜದಲ್ಲಿ ವಿಶೇಷ ಸ್ಥಾನಮಾನ ಪಡೆದು ಮುಂದೆ ಬರಲು ಸಾಧ್ಯವಾಗುತ್ತದೆ ಎಂದು ಹೇಳಿದರು. ಉಪನ್ಯಾಸವನ್ನು ಸಹ ಶಿಕ್ಷಕಿಯವರ ಹೆಚ್.ನಾಗರತ್ನ ನಾಗರಾಜ ಉಪನ್ಯಾಸ ನೀಡಿದರು. ಈ ಸಂದರ್ಭದಲ್ಲಿ ಹಡಪದ ಸಮಾಜದ ಜಿಲ್ಲಾಧ್ಯಕ್ಷ ಹನುಮಂತ ಪ್ಪ ಸಂಗಮ, ಗಂಗಾವತಿ ತಾಲೂಕು ಹಡಪದ ಅಪ್ಪಣ್ಣ ಸಮಾಜದ ಅಧ್ಯಕ್ಷ ವಿರುಪಾಕ್ಷಿ ತೆಲಗದಮನಿ ಬಿಜೆಪಿ ನಗರ ಘಟಕ ಅಧ್ಯಕ್ಷ ಚಂದ್ರಶೇಖರ ಹಿರೂರು, ಗ್ರಾಮೀಣ ಘಟಕ ಅಧ್ಯಕ್ಷ ಡಿ.ಕೆ. ಆಗೋಲಿ, ನಗರಸಭೆ ಸದಸ್ಯ ನವೀನಕುಮಾರ ಪಾಟೀಲ್, ಸಮಾಜದ ಮುಖಂಡರಾದ ಶಿವಪ್ಪ ನಿಲಿಯಾಳ, ವಿಶ್ವಾಸ ಪಾಟೀಲ್, ಶರಣಬಸವ, ಹೆಚ್.ಎಂ. ಮಂಜುನಾಥ, ದುರ್ಗೇಶ ದೊಡ್ಡಮನಿ, ಚಂದ್ರು ಕನಕಗಿರಿ, ಶರಣು ಹೆಚ್.ಛಂದ್ರು, ಯಮನೂರಪ್ಪ ನಿರಾ, ಶಿವಲಿಂಗ ಅನ್ಯ, ನಗರ ಹಾಗೂ ತಾಲೂಕು ಅನೇಕ ಮಹಿಳೆಯರು ಸಮಾಜದ ಹೆಚ್ಚಿನ ಸಂಖ್ಯೆಯಲ್ಲಿ ಸಮಾಜದ ಜನರು ಉಪಸ್ಥಿತರಿದ್ದರು.
ಗದಗವಾಣಿ ಪ್ರಾದೇಶಿಕ ಕನ್ನಡ ದಿನಪತ್ರಿಕೆಗೆ ರಾಜ್ಯಾದ್ಯಂತ ವರದಿಗಾರರು ಬೇಕಾಗಿದ್ದಾರೆ
ಇಚ್ಛೆ ಹೊಂದಿರುವವರು ಸಂಪರ್ಕಿಸಿ: 9448418706 9980498553
